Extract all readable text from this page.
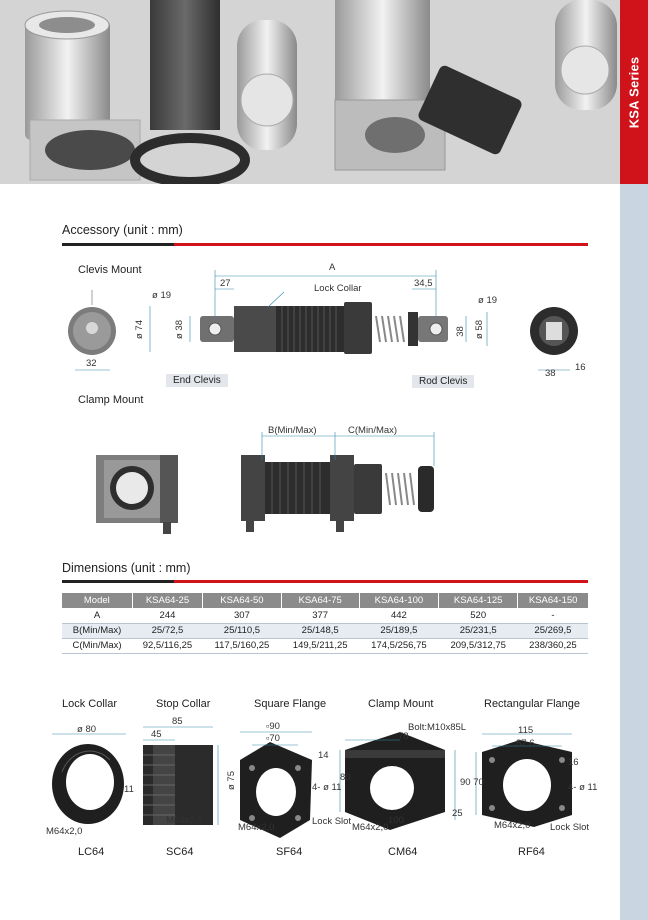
KSA Series
Accessory (unit : mm)
Clevis Mount
ø 19
27
A
34,5
ø 19
Lock Collar
ø 74	ø 38	38 ø 58
32
38
16
End Clevis	Rod Clevis
Clamp Mount
B(Min/Max)	C(Min/Max)
Dimensions (unit : mm)
Model	KSA64-25	KSA64-50	KSA64-75	KSA64-100	KSA64-125	KSA64-150
A	244	307	377	442	520	-
B(Min/Max)	25/72,5	25/110,5	25/148,5	25/189,5	25/231,5	25/269,5
C(Min/Max)	92,5/116,25	117,5/160,25	149,5/211,25	174,5/256,75	209,5/312,75	238/360,25
Lock Collar	Stop Collar	Square Flange	Clamp Mount	Rectangular Flange
ø 80
11
M64x2,0
85
45
ø 75
M64x2,0
▫90
▫70
14
4- ø 11
M64x2,0
Lock Slot
Bolt:M10x85L
78
80
100
25
M64x2,0
115
87,6
90 70
16
4- ø 11
M64x2,0 Lock Slot
LC64	SC64	SF64	CM64	RF64
